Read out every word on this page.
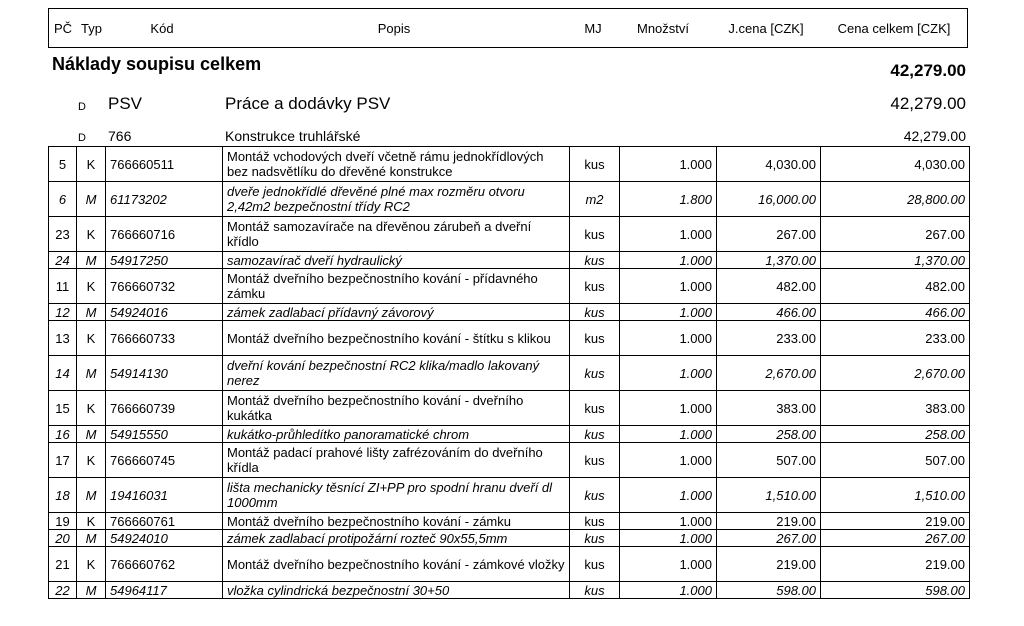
PČ Typ	Kód	Popis	MJ	Množství	J.cena [CZK]	Cena celkem [CZK]
Náklady soupisu celkem	42,279.00
D PSV	Práce a dodávky PSV	42,279.00
D 766	Konstrukce truhlářské	42,279.00
5	K	766660511	Montáž vchodových dveří včetně rámu jednokřídlových bez nadsvětlíku do dřevěné konstrukce	kus	1.000	4,030.00	4,030.00
6	M	61173202	dveře jednokřídlé dřevěné plné max rozměru otvoru 2,42m2 bezpečnostní třídy RC2	m2	1.800	16,000.00	28,800.00
23	K	766660716	Montáž samozavírače na dřevěnou zárubeň a dveřní křídlo	kus	1.000	267.00	267.00
24	M	54917250	samozavírač dveří hydraulický	kus	1.000	1,370.00	1,370.00
11	K	766660732	Montáž dveřního bezpečnostního kování - přídavného zámku	kus	1.000	482.00	482.00
12	M	54924016	zámek zadlabací přídavný závorový	kus	1.000	466.00	466.00
13	K	766660733	Montáž dveřního bezpečnostního kování - štítku s klikou	kus	1.000	233.00	233.00
14	M	54914130	dveřní kování bezpečnostní RC2 klika/madlo lakovaný nerez	kus	1.000	2,670.00	2,670.00
15	K	766660739	Montáž dveřního bezpečnostního kování - dveřního kukátka	kus	1.000	383.00	383.00
16	M	54915550	kukátko-průhledítko panoramatické chrom	kus	1.000	258.00	258.00
17	K	766660745	Montáž padací prahové lišty zafrézováním do dveřního křídla	kus	1.000	507.00	507.00
18	M	19416031	lišta mechanicky těsnící ZI+PP pro spodní hranu dveří dl 1000mm	kus	1.000	1,510.00	1,510.00
19	K	766660761	Montáž dveřního bezpečnostního kování - zámku	kus	1.000	219.00	219.00
20	M	54924010	zámek zadlabací protipožární rozteč 90x55,5mm	kus	1.000	267.00	267.00
21	K	766660762	Montáž dveřního bezpečnostního kování - zámkové vložky	kus	1.000	219.00	219.00
22	M	54964117	vložka cylindrická bezpečnostní 30+50	kus	1.000	598.00	598.00
